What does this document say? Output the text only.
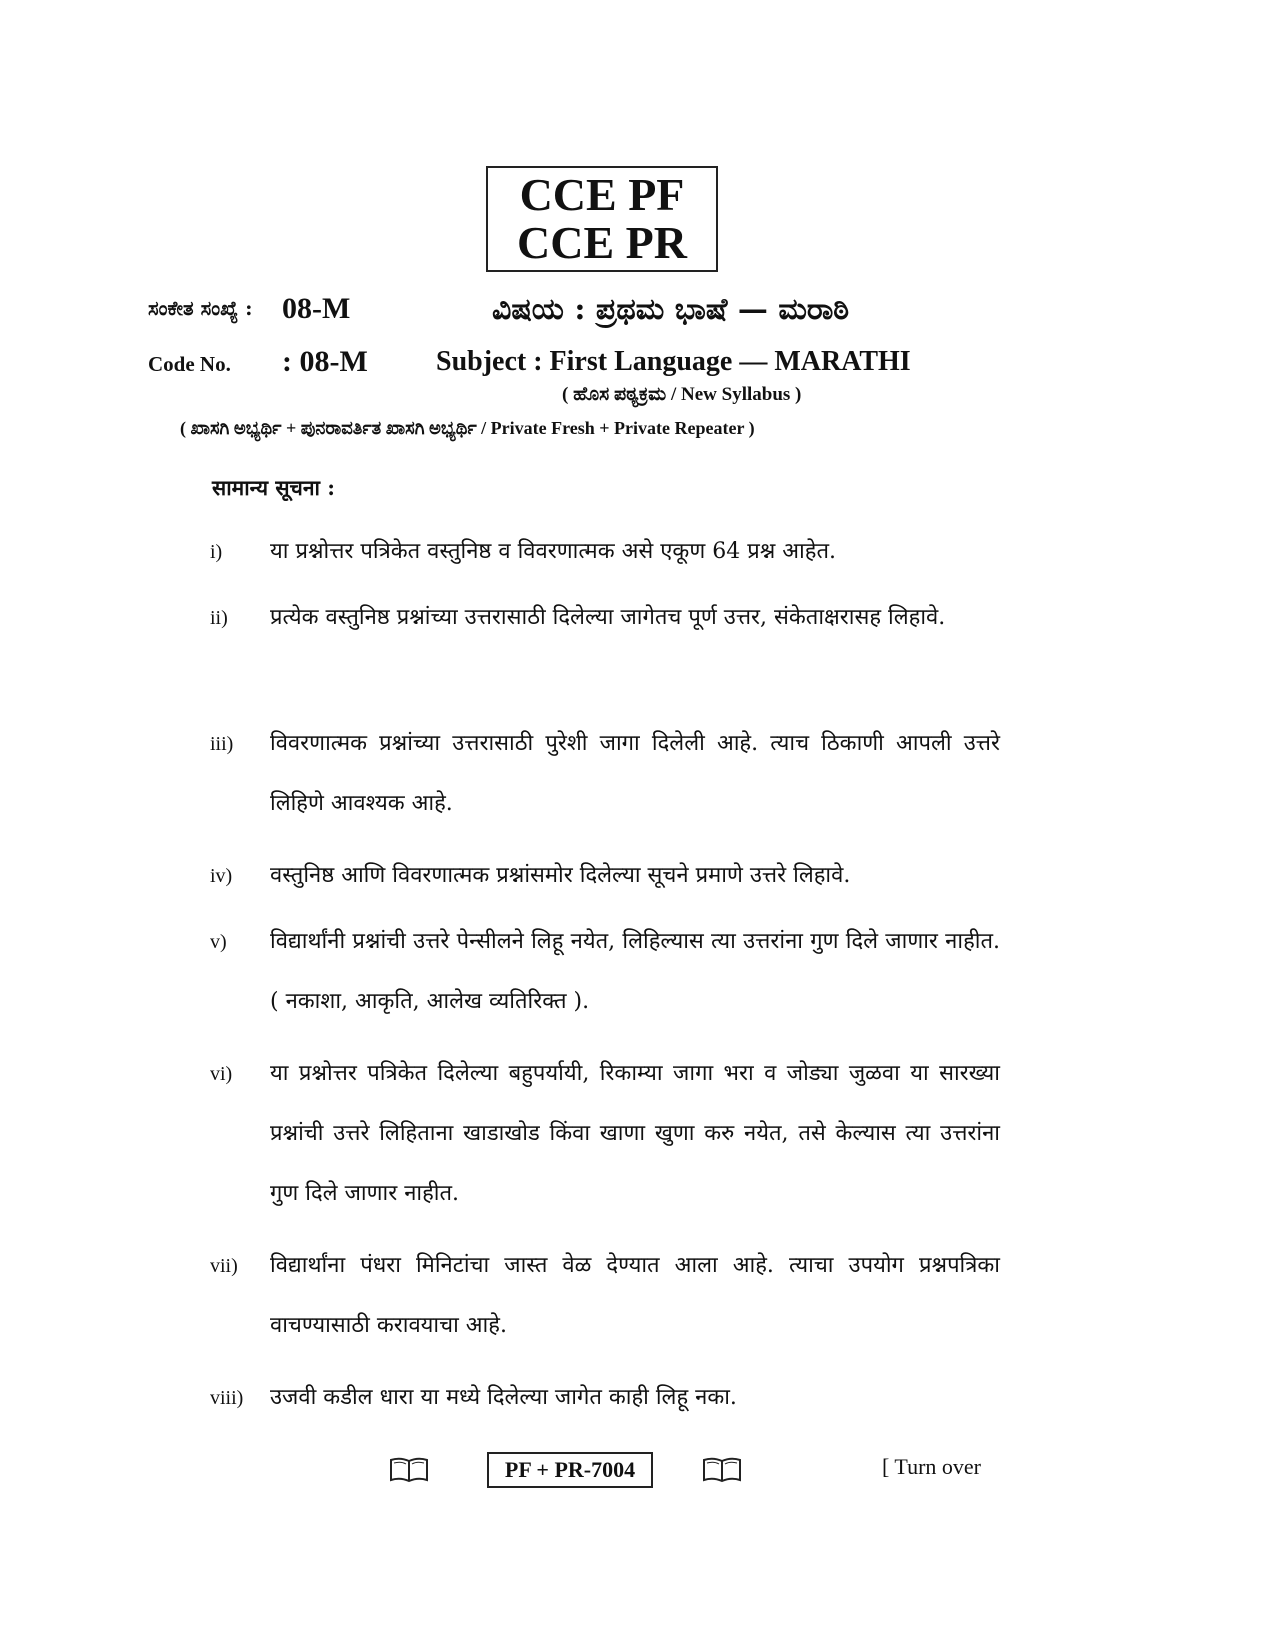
CCE PF
CCE PR
ಸಂಕೇತ ಸಂಖ್ಯೆ : 08-M	ವಿಷಯ : ಪ್ರಥಮ ಭಾಷೆ — ಮರಾಠಿ
Code No. : 08-M Subject : First Language — MARATHI
( ಹೊಸ ಪಠ್ಯಕ್ರಮ / New Syllabus )
( ಖಾಸಗಿ ಅಭ್ಯರ್ಥಿ + ಪುನರಾವರ್ತಿತ ಖಾಸಗಿ ಅಭ್ಯರ್ಥಿ / Private Fresh + Private Repeater )
सामान्य सूचना :
i)	या प्रश्नोत्तर पत्रिकेत वस्तुनिष्ठ व विवरणात्मक असे एकूण 64 प्रश्न आहेत.
ii)	प्रत्येक वस्तुनिष्ठ प्रश्नांच्या उत्तरासाठी दिलेल्या जागेतच पूर्ण उत्तर, संकेताक्षरासह लिहावे.
iii)	विवरणात्मक प्रश्नांच्या उत्तरासाठी पुरेशी जागा दिलेली आहे. त्याच ठिकाणी आपली उत्तरे लिहिणे आवश्यक आहे.
iv)	वस्तुनिष्ठ आणि विवरणात्मक प्रश्नांसमोर दिलेल्या सूचने प्रमाणे उत्तरे लिहावे.
v)	विद्यार्थांनी प्रश्नांची उत्तरे पेन्सीलने लिहू नयेत, लिहिल्यास त्या उत्तरांना गुण दिले जाणार नाहीत. ( नकाशा, आकृति, आलेख व्यतिरिक्त ).
vi)	या प्रश्नोत्तर पत्रिकेत दिलेल्या बहुपर्यायी, रिकाम्या जागा भरा व जोड्या जुळवा या सारख्या प्रश्नांची उत्तरे लिहिताना खाडाखोड किंवा खाणा खुणा करु नयेत, तसे केल्यास त्या उत्तरांना गुण दिले जाणार नाहीत.
vii)	विद्यार्थांना पंधरा मिनिटांचा जास्त वेळ देण्यात आला आहे. त्याचा उपयोग प्रश्नपत्रिका वाचण्यासाठी करावयाचा आहे.
viii)	उजवी कडील धारा या मध्ये दिलेल्या जागेत काही लिहू नका.
PF + PR-7004	[ Turn over
